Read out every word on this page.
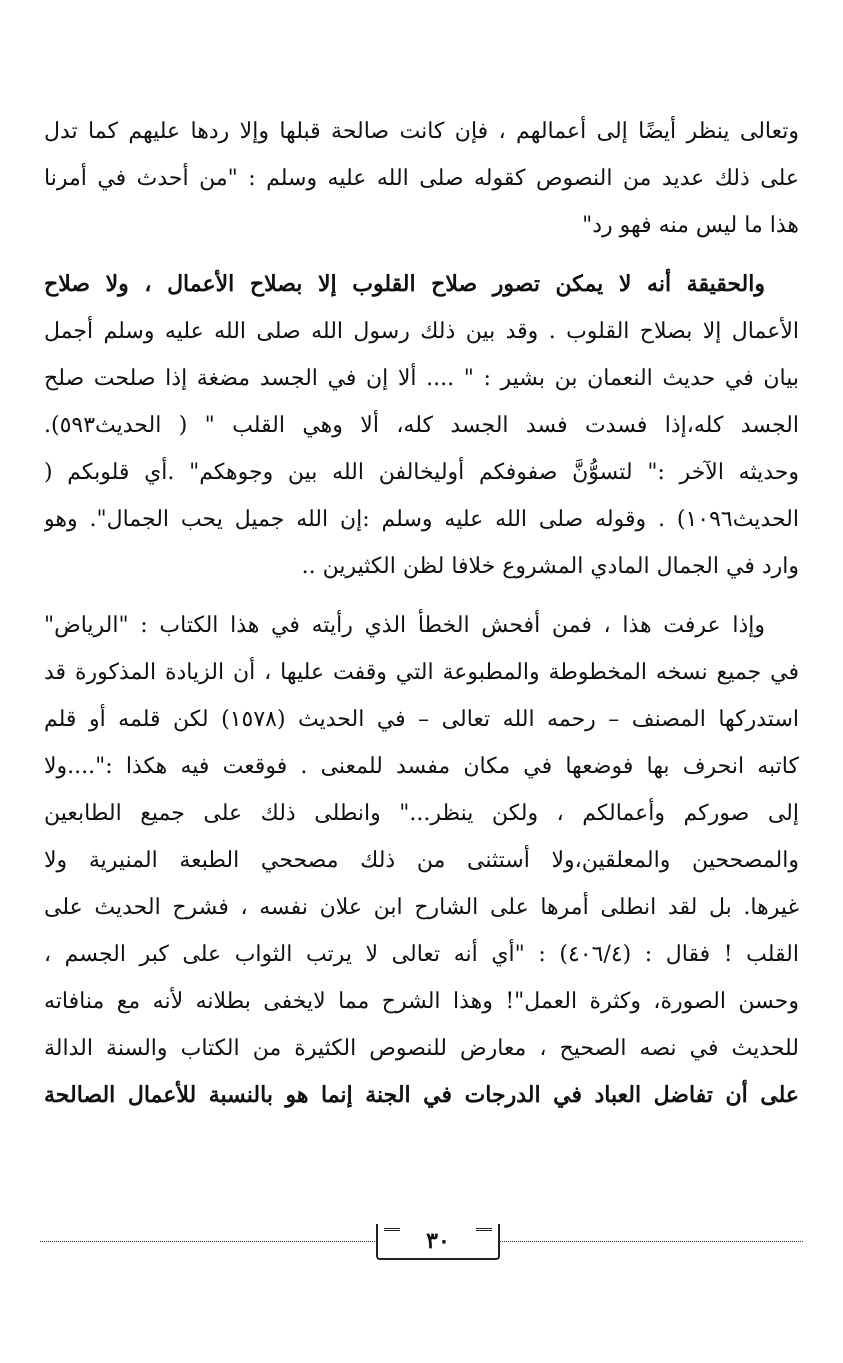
وتعالى ينظر أيضًا إلى أعمالهم ، فإن كانت صالحة قبلها وإلا ردها عليهم كما تدل
على ذلك عديد من النصوص كقوله صلى الله عليه وسلم : "من أحدث في أمرنا
هذا ما ليس منه فهو رد"
والحقيقة أنه لا يمكن تصور صلاح القلوب إلا بصلاح الأعمال ، ولا صلاح
الأعمال إلا بصلاح القلوب . وقد بين ذلك رسول الله صلى الله عليه وسلم أجمل
بيان في حديث النعمان بن بشير : " .... ألا إن في الجسد مضغة إذا صلحت صلح
الجسد كله،إذا فسدت فسد الجسد كله، ألا وهي القلب " ( الحديث٥٩٣).
وحديثه الآخر :" لتسوُّنَّ صفوفكم أوليخالفن الله بين وجوهكم" .أي قلوبكم (
الحديث١٠٩٦) . وقوله صلى الله عليه وسلم :إن الله جميل يحب الجمال". وهو
وارد في الجمال المادي المشروع خلافا لظن الكثيرين ..
وإذا عرفت هذا ، فمن أفحش الخطأ الذي رأيته في هذا الكتاب : "الرياض"
في جميع نسخه المخطوطة والمطبوعة التي وقفت عليها ، أن الزيادة المذكورة قد
استدركها المصنف – رحمه الله تعالى – في الحديث (١٥٧٨) لكن قلمه أو قلم
كاتبه انحرف بها فوضعها في مكان مفسد للمعنى . فوقعت فيه هكذا :"....ولا
إلى صوركم وأعمالكم ، ولكن ينظر..." وانطلى ذلك على جميع الطابعين
والمصححين والمعلقين،ولا أستثنى من ذلك مصححي الطبعة المنيرية ولا
غيرها. بل لقد انطلى أمرها على الشارح ابن علان نفسه ، فشرح الحديث على
القلب ! فقال : (٤٠٦/٤) : "أي أنه تعالى لا يرتب الثواب على كبر الجسم ،
وحسن الصورة، وكثرة العمل"! وهذا الشرح مما لايخفى بطلانه لأنه مع منافاته
للحديث في نصه الصحيح ، معارض للنصوص الكثيرة من الكتاب والسنة الدالة
على أن تفاضل العباد في الدرجات في الجنة إنما هو بالنسبة للأعمال الصالحة
٣٠
